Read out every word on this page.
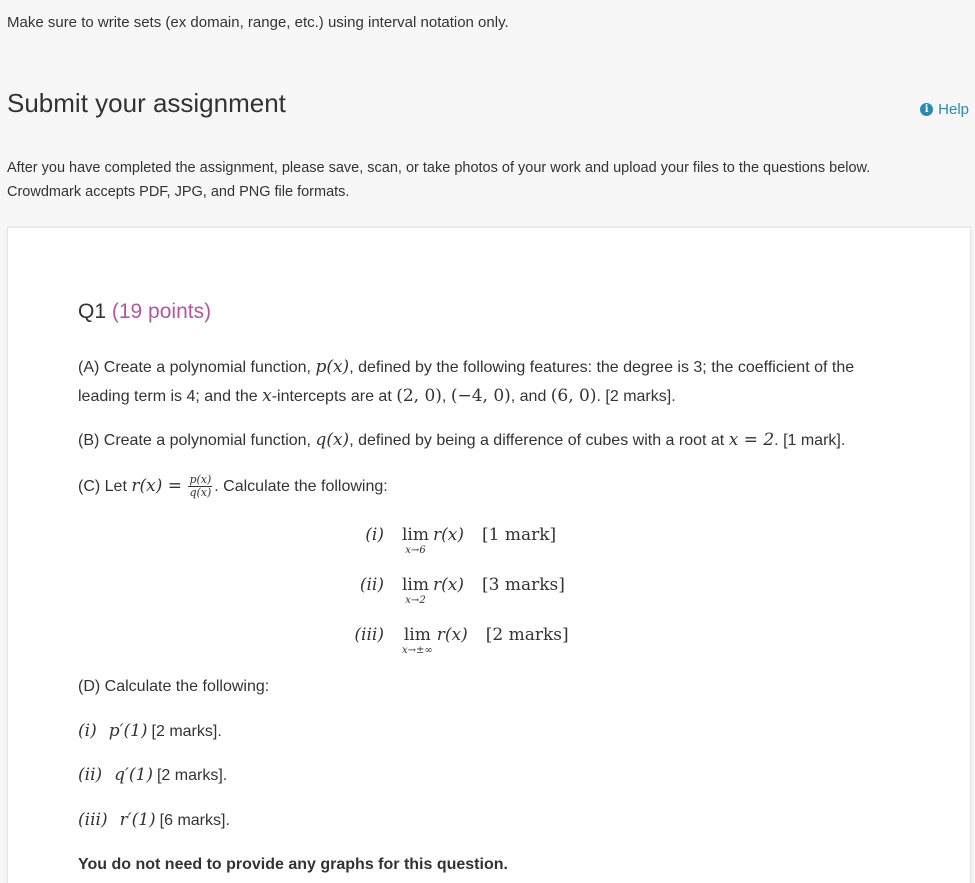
Make sure to write sets (ex domain, range, etc.) using interval notation only.
Submit your assignment	i Help
After you have completed the assignment, please save, scan, or take photos of your work and upload your files to the questions below.
Crowdmark accepts PDF, JPG, and PNG file formats.
Q1 (19 points)
(A) Create a polynomial function, p(x), defined by the following features: the degree is 3; the coefficient of the
leading term is 4; and the x-intercepts are at (2, 0), (−4, 0), and (6, 0). [2 marks].
(B) Create a polynomial function, q(x), defined by being a difference of cubes with a root at x = 2. [1 mark].
(C) Let $r(x) = \frac{p(x)}{q(x)}$ . Calculate the following:
(i) lim
x→6
r(x) [1 mark]
(ii) lim
x→2
r(x) [3 marks]
(iii) lim
x→±∞
r(x) [2 marks]
(D) Calculate the following:
(i) p′(1) [2 marks].
(ii) q′(1) [2 marks].
(iii) r′(1) [6 marks].
You do not need to provide any graphs for this question.
